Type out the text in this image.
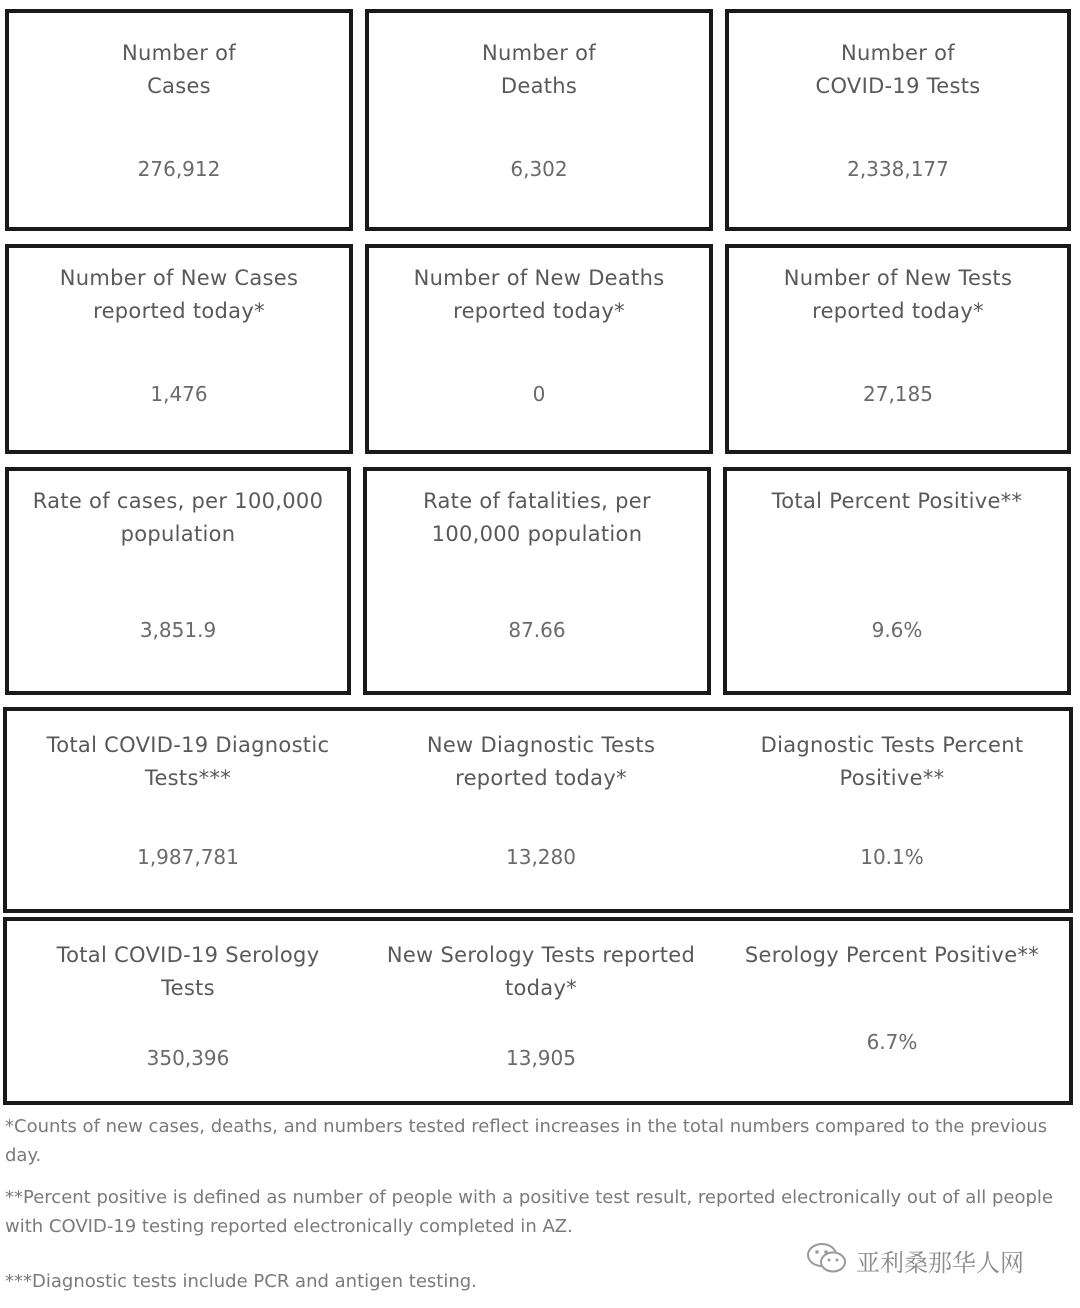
Number of
Cases
276,912
Number of
Deaths
6,302
Number of
COVID-19 Tests
2,338,177
Number of New Cases
reported today*
1,476
Number of New Deaths
reported today*
0
Number of New Tests
reported today*
27,185
Rate of cases, per 100,000
population
3,851.9
Rate of fatalities, per
100,000 population
87.66
Total Percent Positive**
9.6%
Total COVID-19 Diagnostic
Tests***
1,987,781
New Diagnostic Tests
reported today*
13,280
Diagnostic Tests Percent
Positive**
10.1%
Total COVID-19 Serology
Tests
350,396
New Serology Tests reported
today*
13,905
Serology Percent Positive**
6.7%
*Counts of new cases, deaths, and numbers tested reflect increases in the total numbers compared to the previous day.
**Percent positive is defined as number of people with a positive test result, reported electronically out of all people with COVID-19 testing reported electronically completed in AZ.
***Diagnostic tests include PCR and antigen testing.
亚利桑那华人网
